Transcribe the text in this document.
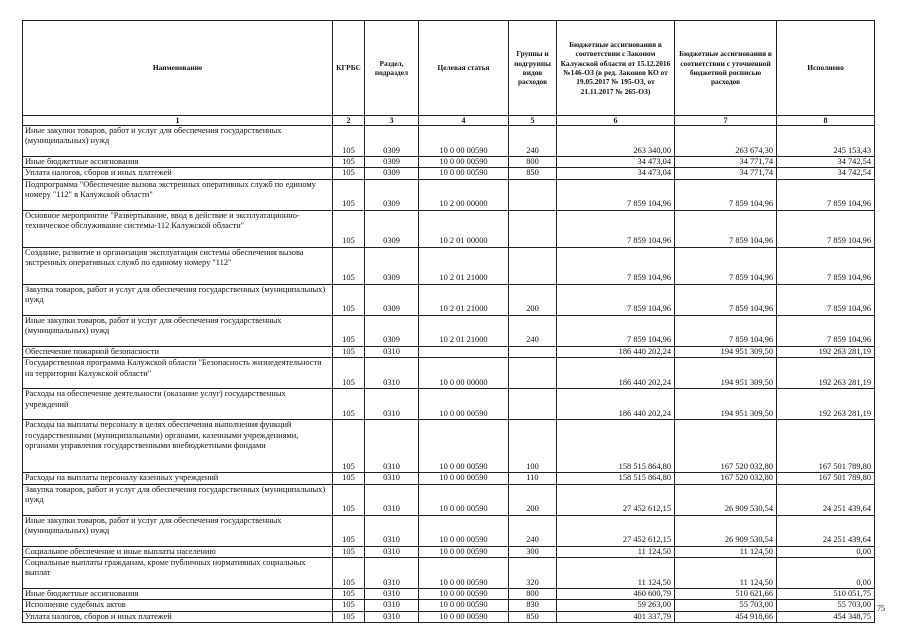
Наименование	КГРБС	Раздел, подраздел	Целевая статья	Группы и подгруппы видов расходов	Бюджетные ассигнования в соответствии с Законом Калужской области от 15.12.2016 №146-ОЗ (в ред. Законов КО от 19.05.2017 № 195-ОЗ, от 21.11.2017 № 265-ОЗ)	Бюджетные ассигнования в соответствии с уточненной бюджетной росписью расходов	Исполнено
1	2	3	4	5	6	7	8
Иные закупки товаров, работ и услуг для обеспечения государственных (муниципальных) нужд	105	0309	10 0 00 00590	240	263 340,00	263 674,30	245 153,43
Иные бюджетные ассигнования	105	0309	10 0 00 00590	800	34 473,04	34 771,74	34 742,54
Уплата налогов, сборов и иных платежей	105	0309	10 0 00 00590	850	34 473,04	34 771,74	34 742,54
Подпрограмма "Обеспечение вызова экстренных оперативных служб по единому номеру "112" в Калужской области"	105	0309	10 2 00 00000		7 859 104,96	7 859 104,96	7 859 104,96
Основное мероприятие "Развертывание, ввод в действие и эксплуатационно-техническое обслуживание системы-112 Калужской области"	105	0309	10 2 01 00000		7 859 104,96	7 859 104,96	7 859 104,96
Создание, развитие и организация эксплуатации системы обеспечения вызова экстренных оперативных служб по единому номеру "112"	105	0309	10 2 01 21000		7 859 104,96	7 859 104,96	7 859 104,96
Закупка товаров, работ и услуг для обеспечения государственных (муниципальных) нужд	105	0309	10 2 01 21000	200	7 859 104,96	7 859 104,96	7 859 104,96
Иные закупки товаров, работ и услуг для обеспечения государственных (муниципальных) нужд	105	0309	10 2 01 21000	240	7 859 104,96	7 859 104,96	7 859 104,96
Обеспечение пожарной безопасности	105	0310			186 440 202,24	194 951 309,50	192 263 281,19
Государственная программа Калужской области "Безопасность жизнедеятельности на территории Калужской области"	105	0310	10 0 00 00000		186 440 202,24	194 951 309,50	192 263 281,19
Расходы на обеспечение деятельности (оказание услуг) государственных учреждений	105	0310	10 0 00 00590		186 440 202,24	194 951 309,50	192 263 281,19
Расходы на выплаты персоналу в целях обеспечения выполнения функций государственными (муниципальными) органами, казенными учреждениями, органами управления государственными внебюджетными фондами	105	0310	10 0 00 00590	100	158 515 864,80	167 520 032,80	167 501 789,80
Расходы на выплаты персоналу казенных учреждений	105	0310	10 0 00 00590	110	158 515 864,80	167 520 032,80	167 501 789,80
Закупка товаров, работ и услуг для обеспечения государственных (муниципальных) нужд	105	0310	10 0 00 00590	200	27 452 612,15	26 909 530,54	24 251 439,64
Иные закупки товаров, работ и услуг для обеспечения государственных (муниципальных) нужд	105	0310	10 0 00 00590	240	27 452 612,15	26 909 530,54	24 251 439,64
Социальное обеспечение и иные выплаты населению	105	0310	10 0 00 00590	300	11 124,50	11 124,50	0,00
Социальные выплаты гражданам, кроме публичных нормативных социальных выплат	105	0310	10 0 00 00590	320	11 124,50	11 124,50	0,00
Иные бюджетные ассигнования	105	0310	10 0 00 00590	800	460 600,79	510 621,66	510 051,75
Исполнение судебных актов	105	0310	10 0 00 00590	830	59 263,00	55 703,00	55 703,00
Уплата налогов, сборов и иных платежей	105	0310	10 0 00 00590	850	401 337,79	454 918,66	454 348,75
75
